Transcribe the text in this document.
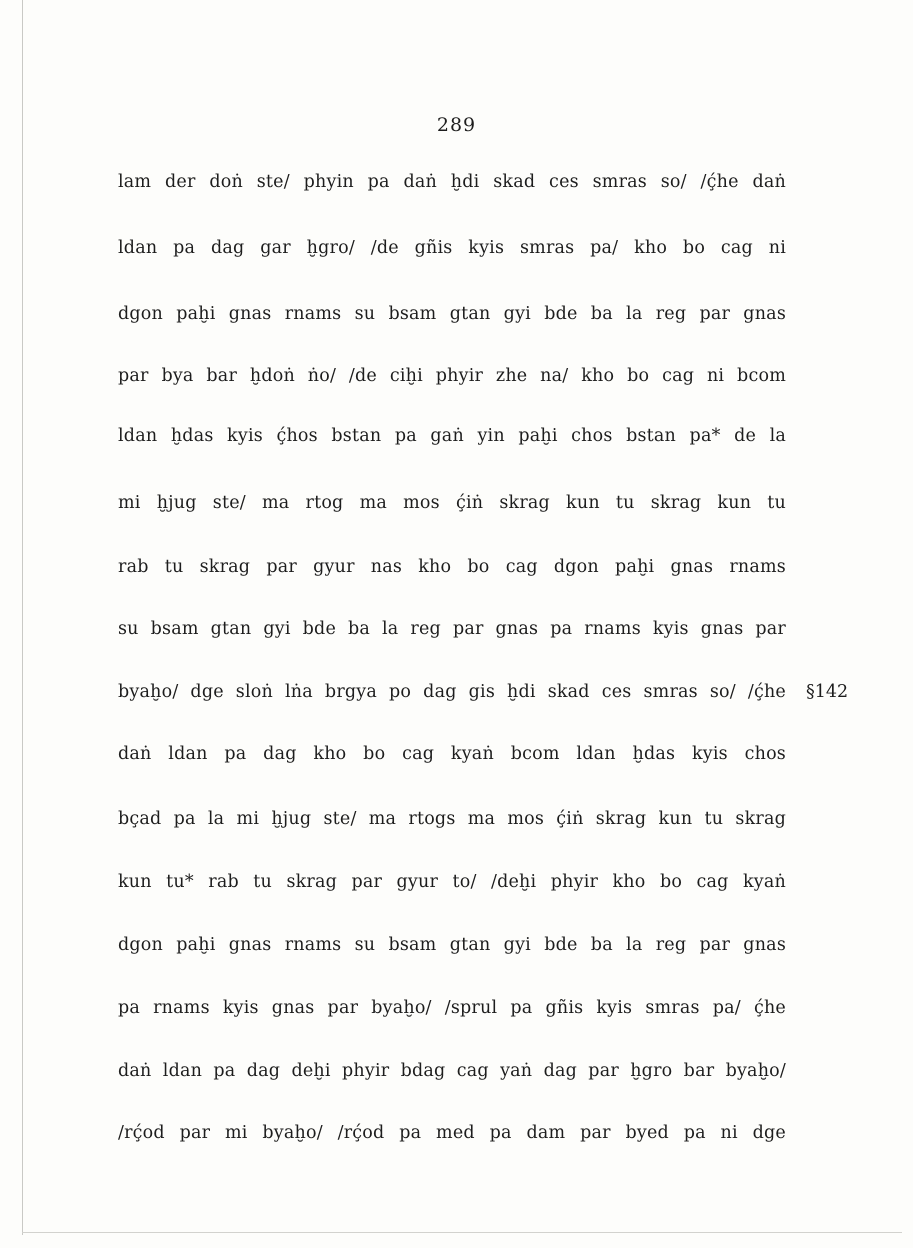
289
lam der doṅ ste/ phyin pa daṅ ḫdi skad ces smras so/ /ḉhe daṅ
ldan pa dag gar ḫgro/ /de gñis kyis smras pa/ kho bo cag ni
dgon paḫi gnas rnams su bsam gtan gyi bde ba la reg par gnas
par bya bar ḫdoṅ ṅo/ /de ciḫi phyir zhe na/ kho bo cag ni bcom
ldan ḫdas kyis ḉhos bstan pa gaṅ yin paḫi chos bstan pa* de la
mi ḫjug ste/ ma rtog ma mos ḉiṅ skrag kun tu skrag kun tu
rab tu skrag par gyur nas kho bo cag dgon paḫi gnas rnams
su bsam gtan gyi bde ba la reg par gnas pa rnams kyis gnas par
byaḫo/ dge sloṅ lṅa brgya po dag gis ḫdi skad ces smras so/ /ḉhe
daṅ ldan pa dag kho bo cag kyaṅ bcom ldan ḫdas kyis chos
bçad pa la mi ḫjug ste/ ma rtogs ma mos ḉiṅ skrag kun tu skrag
kun tu* rab tu skrag par gyur to/ /deḫi phyir kho bo cag kyaṅ
dgon paḫi gnas rnams su bsam gtan gyi bde ba la reg par gnas
pa rnams kyis gnas par byaḫo/ /sprul pa gñis kyis smras pa/ ḉhe
daṅ ldan pa dag deḫi phyir bdag cag yaṅ dag par ḫgro bar byaḫo/
/rḉod par mi byaḫo/ /rḉod pa med pa dam par byed pa ni dge
§142
